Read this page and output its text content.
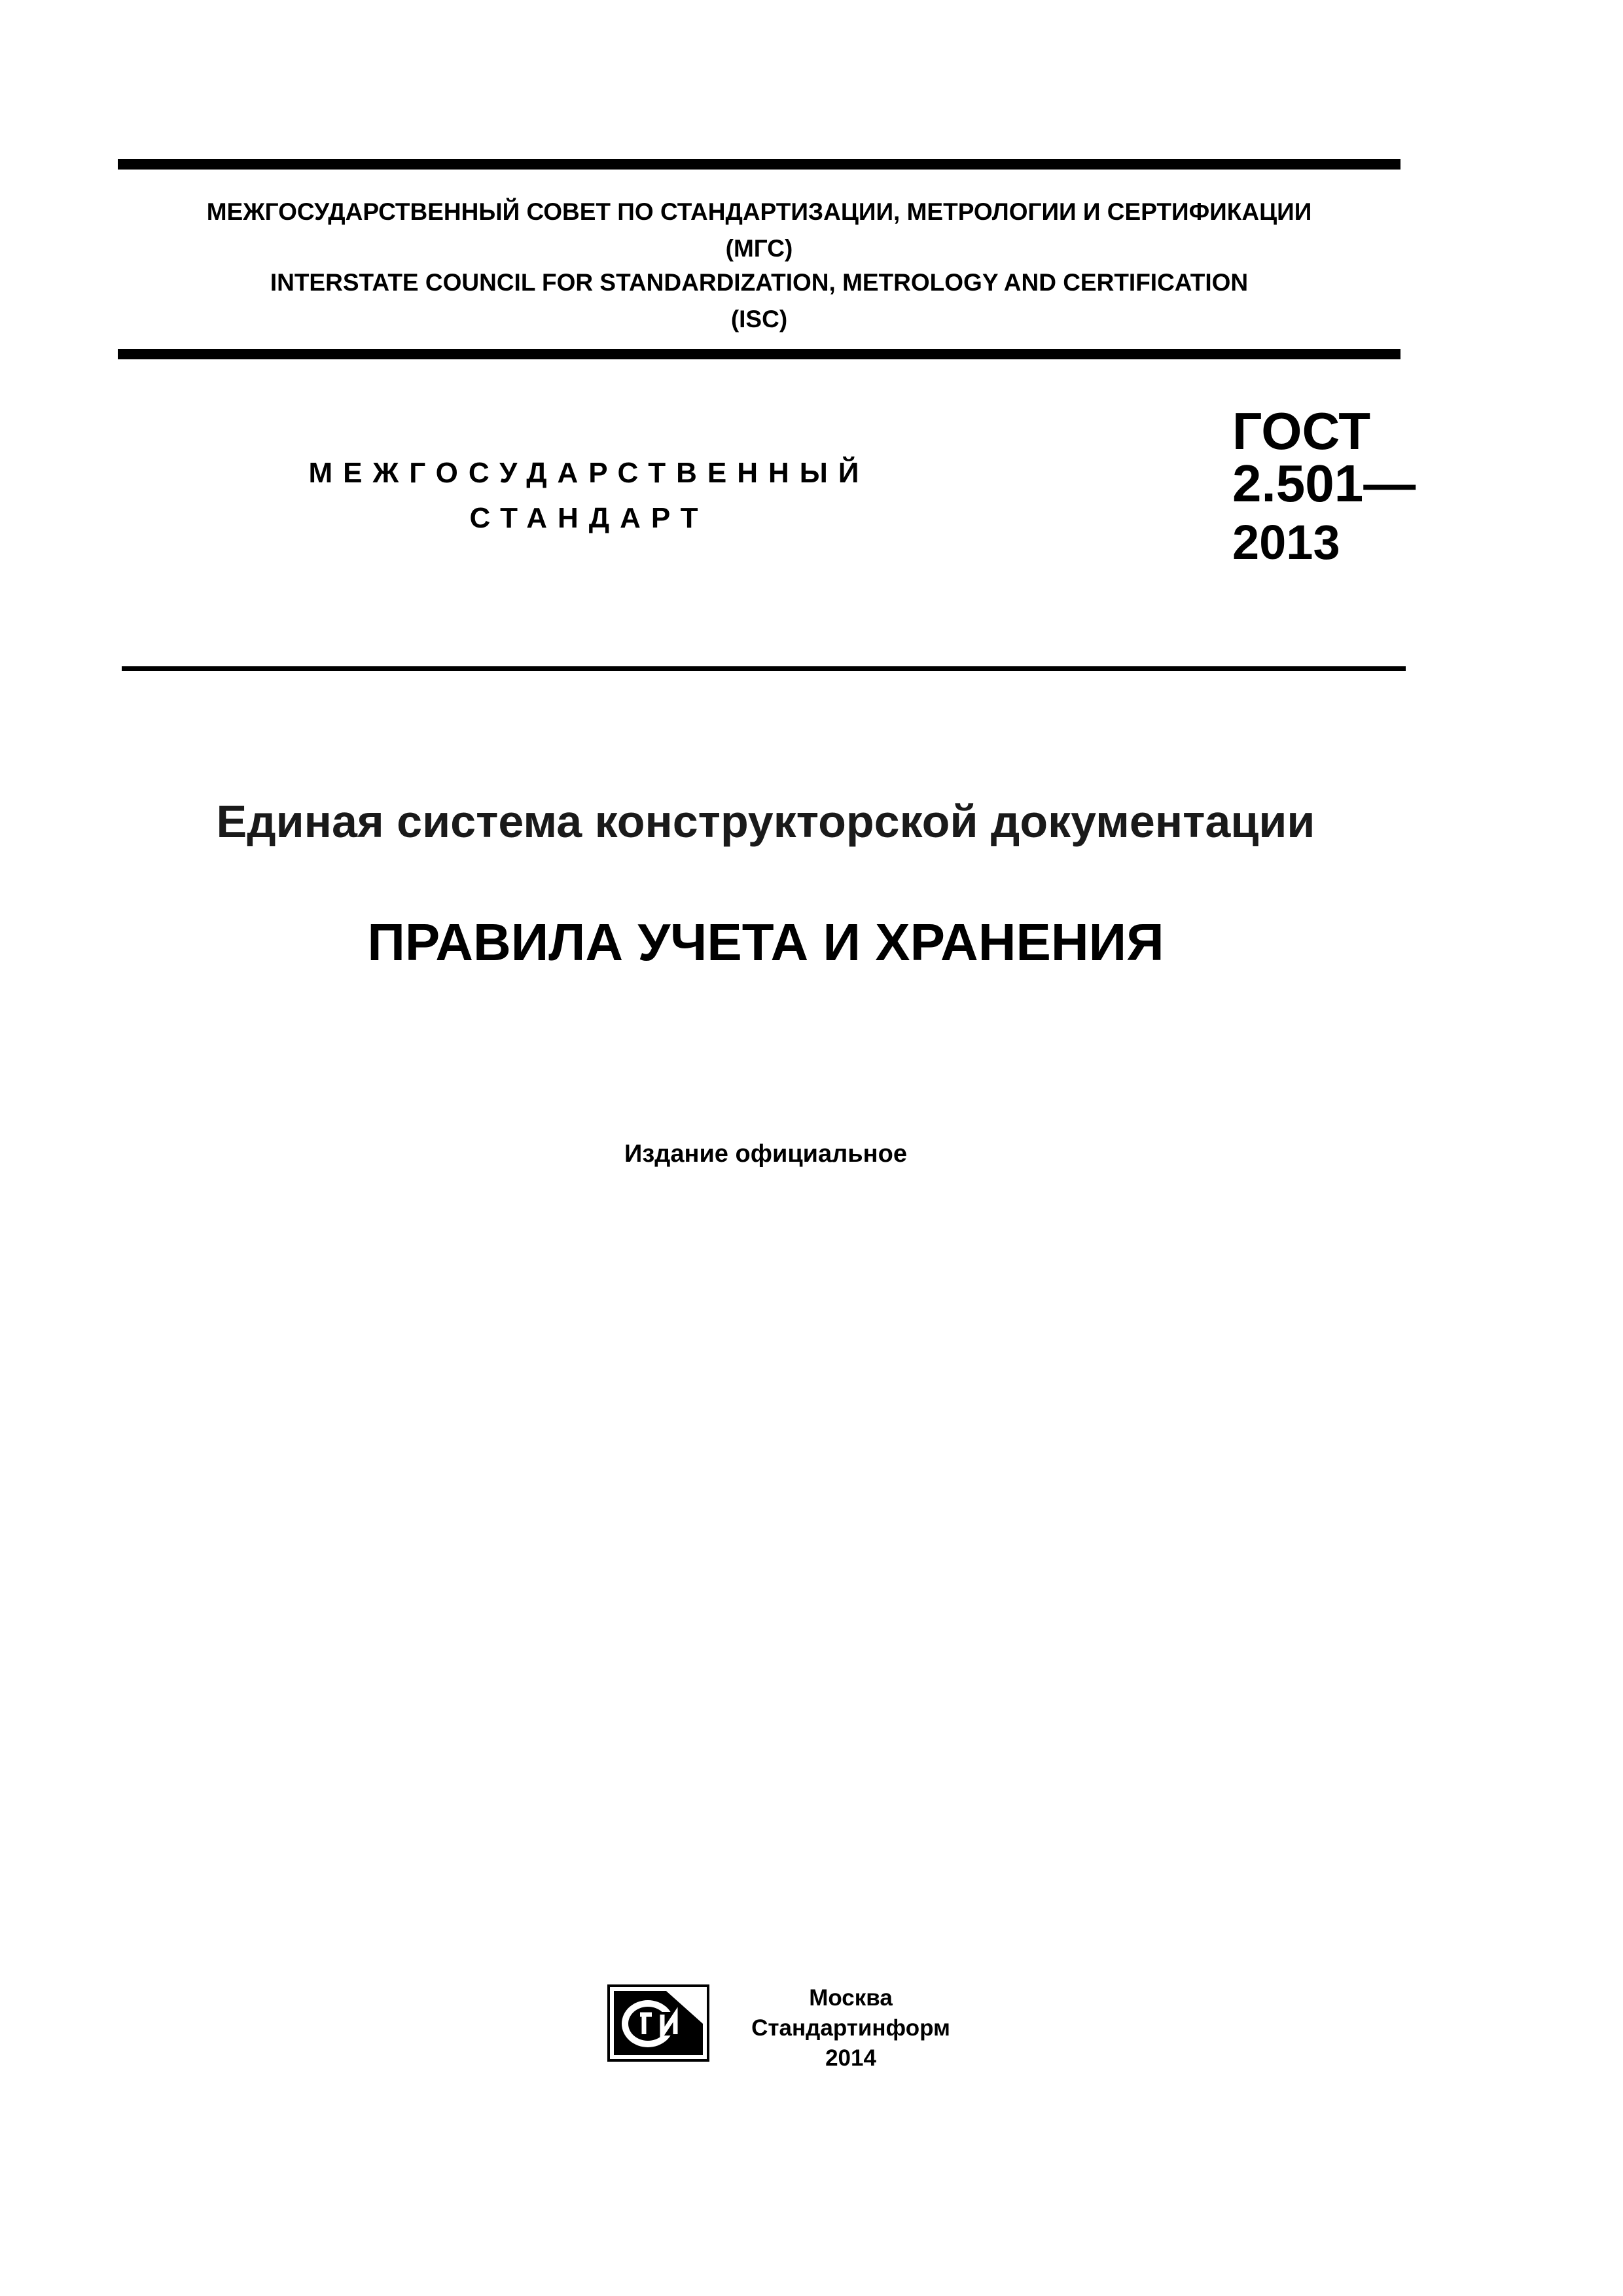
МЕЖГОСУДАРСТВЕННЫЙ СОВЕТ ПО СТАНДАРТИЗАЦИИ, МЕТРОЛОГИИ И СЕРТИФИКАЦИИ
(МГС)
INTERSTATE COUNCIL FOR STANDARDIZATION, METROLOGY AND CERTIFICATION
(ISC)
МЕЖГОСУДАРСТВЕННЫЙ
СТАНДАРТ
ГОСТ
2.501—
2013
Единая система конструкторской документации
ПРАВИЛА УЧЕТА И ХРАНЕНИЯ
Издание официальное
Москва
Стандартинформ
2014
